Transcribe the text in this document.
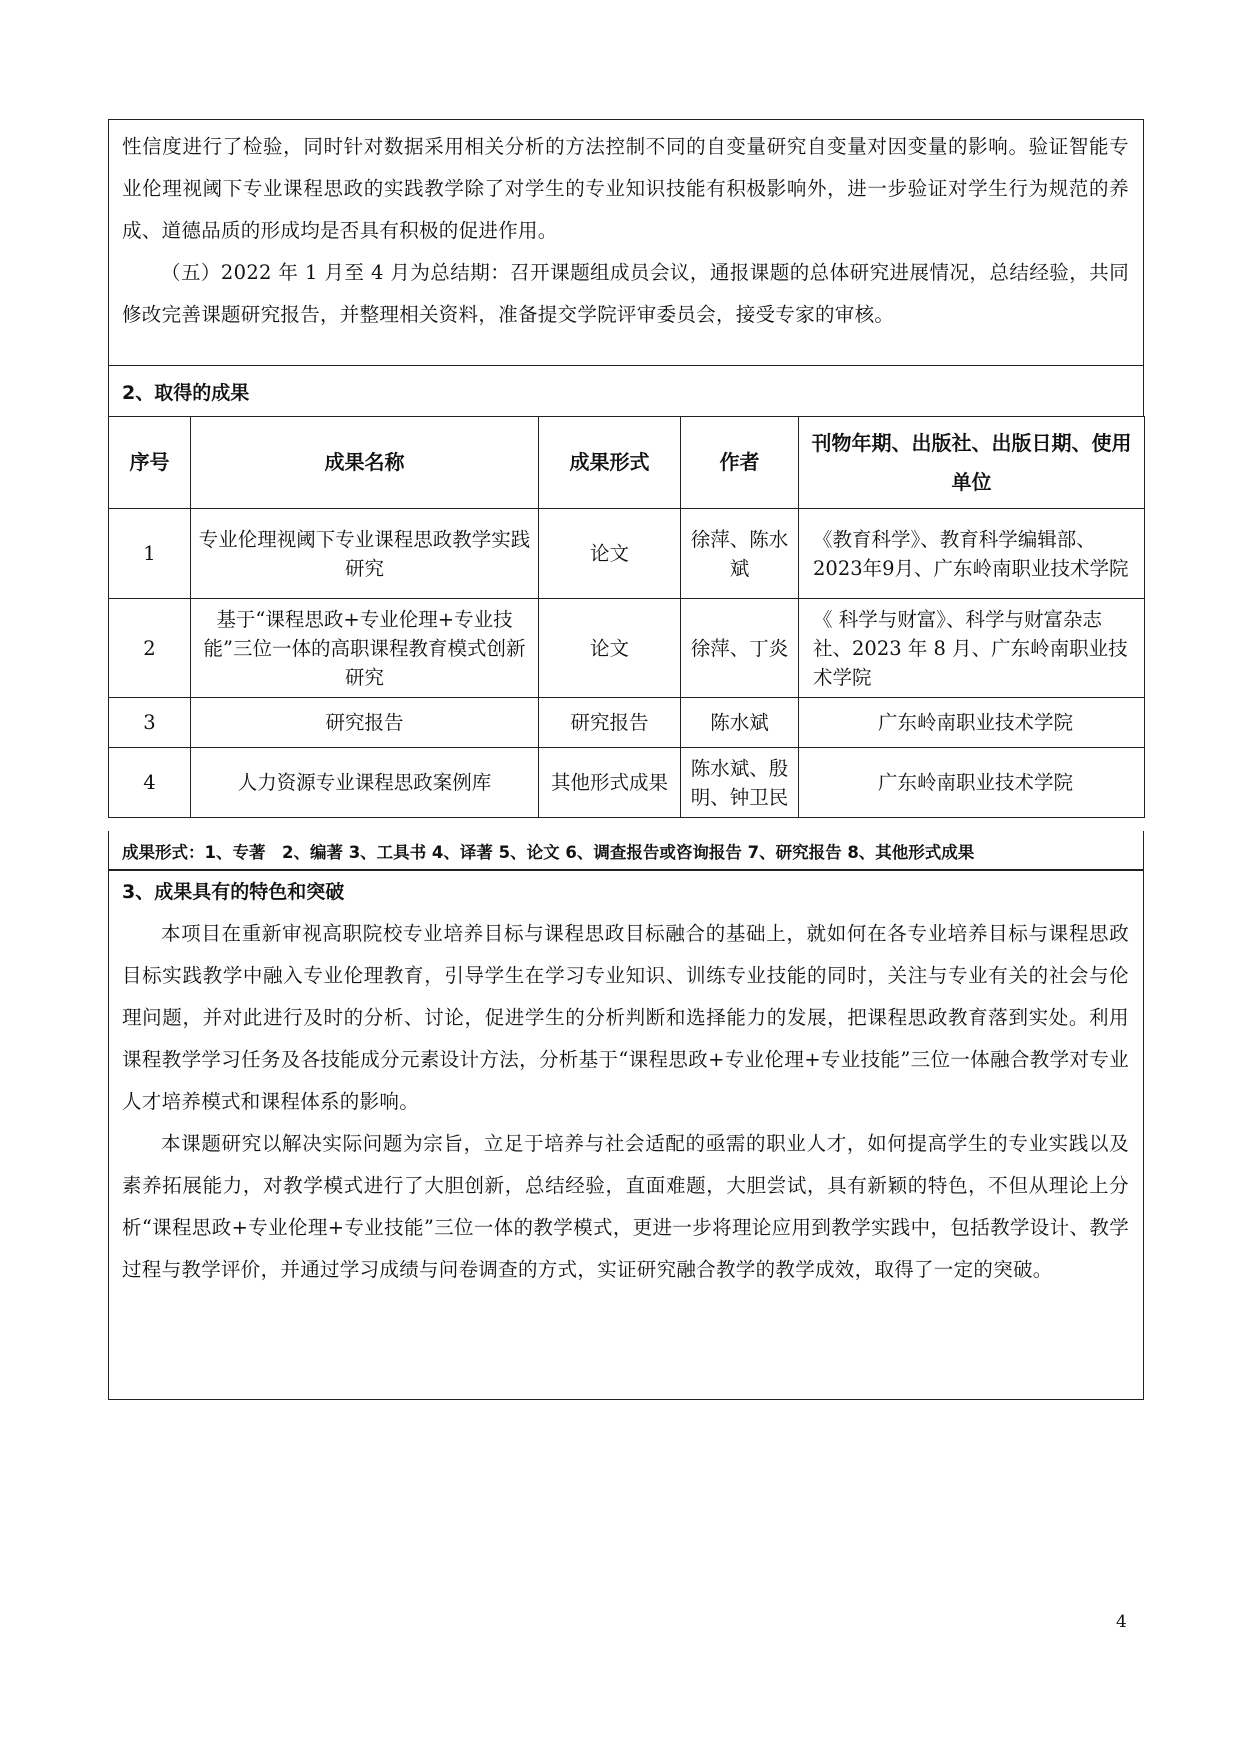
性信度进行了检验，同时针对数据采用相关分析的方法控制不同的自变量研究自变量对因变量的影响。验证智能专业伦理视阈下专业课程思政的实践教学除了对学生的专业知识技能有积极影响外，进一步验证对学生行为规范的养成、道德品质的形成均是否具有积极的促进作用。

（五）2022 年 1 月至 4 月为总结期：召开课题组成员会议，通报课题的总体研究进展情况，总结经验，共同修改完善课题研究报告，并整理相关资料，准备提交学院评审委员会，接受专家的审核。

2、取得的成果
序号	成果名称	成果形式	作者	刊物年期、出版社、出版日期、使用单位
1	专业伦理视阈下专业课程思政教学实践研究	论文	徐萍、陈水斌	《教育科学》、教育科学编辑部、2023年9月、广东岭南职业技术学院
2	基于“课程思政+专业伦理+专业技能”三位一体的高职课程教育模式创新研究	论文	徐萍、丁炎	《 科学与财富》、科学与财富杂志社、2023 年 8 月、广东岭南职业技术学院
3	研究报告	研究报告	陈水斌	广东岭南职业技术学院
4	人力资源专业课程思政案例库	其他形式成果	陈水斌、殷明、钟卫民	广东岭南职业技术学院
成果形式：1、专著　2、编著 3、工具书 4、译著 5、论文 6、调查报告或咨询报告 7、研究报告 8、其他形式成果

3、成果具有的特色和突破

本项目在重新审视高职院校专业培养目标与课程思政目标融合的基础上，就如何在各专业培养目标与课程思政目标实践教学中融入专业伦理教育，引导学生在学习专业知识、训练专业技能的同时，关注与专业有关的社会与伦理问题，并对此进行及时的分析、讨论，促进学生的分析判断和选择能力的发展，把课程思政教育落到实处。利用课程教学学习任务及各技能成分元素设计方法，分析基于“课程思政+专业伦理+专业技能”三位一体融合教学对专业人才培养模式和课程体系的影响。

本课题研究以解决实际问题为宗旨，立足于培养与社会适配的亟需的职业人才，如何提高学生的专业实践以及素养拓展能力，对教学模式进行了大胆创新，总结经验，直面难题，大胆尝试，具有新颖的特色，不但从理论上分析“课程思政+专业伦理+专业技能”三位一体的教学模式，更进一步将理论应用到教学实践中，包括教学设计、教学过程与教学评价，并通过学习成绩与问卷调查的方式，实证研究融合教学的教学成效，取得了一定的突破。

4
